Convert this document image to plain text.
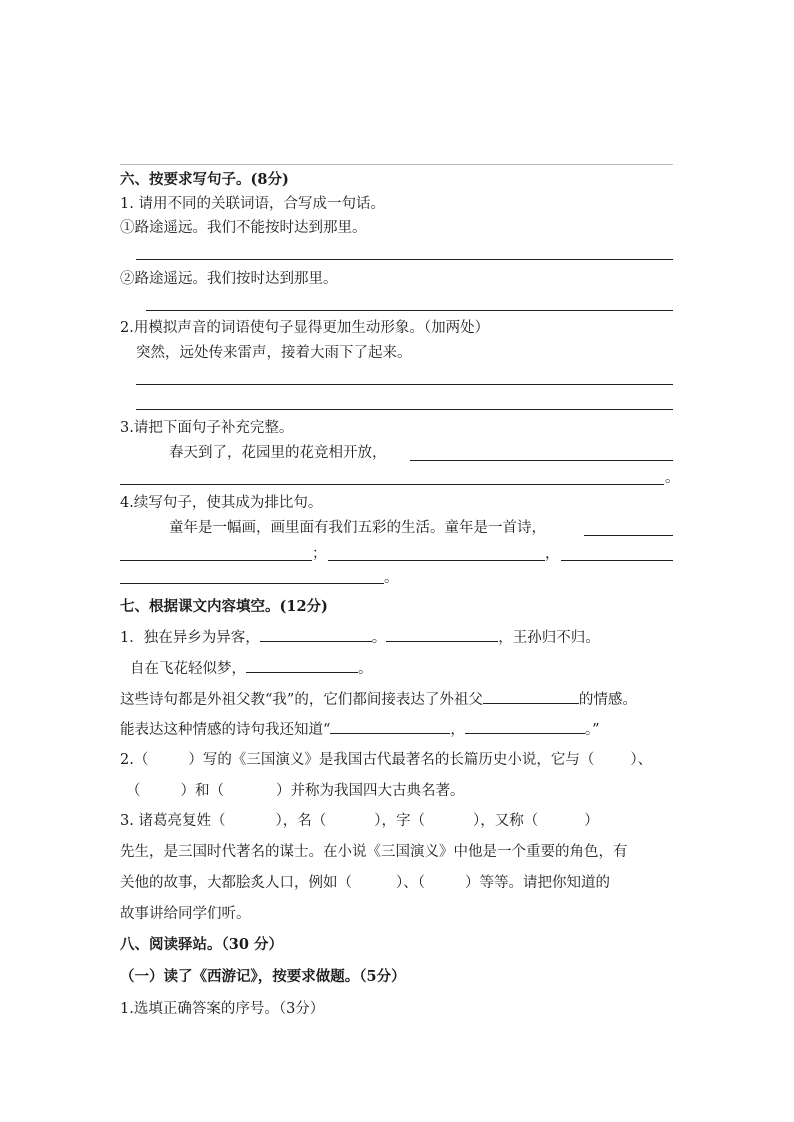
六、按要求写句子。(8分)
1. 请用不同的关联词语，合写成一句话。
①路途遥远。我们不能按时达到那里。
②路途遥远。我们按时达到那里。
2.用模拟声音的词语使句子显得更加生动形象。（加两处）
突然，远处传来雷声，接着大雨下了起来。
3.请把下面句子补充完整。
春天到了，花园里的花竞相开放，
。
4.续写句子，使其成为排比句。
童年是一幅画，画里面有我们五彩的生活。童年是一首诗，
；	，
。
七、根据课文内容填空。(12分)
1．独在异乡为异客，	。	，王孙归不归。
自在飞花轻似梦，	。
这些诗句都是外祖父教“我”的，它们都间接表达了外祖父	的情感。
能表达这种情感的诗句我还知道“	，	。”
2.（	）写的《三国演义》是我国古代最著名的长篇历史小说，它与（ ）、
（	）和（	）并称为我国四大古典名著。
3. 诸葛亮复姓（	），名（	），字（	），又称（	）
先生，是三国时代著名的谋士。在小说《三国演义》中他是一个重要的角色，有
关他的故事，大都脍炙人口，例如（	）、（	）等等。请把你知道的
故事讲给同学们听。
八、阅读驿站。（30 分）
（一）读了《西游记》，按要求做题。（5分）
1.选填正确答案的序号。（3分）
